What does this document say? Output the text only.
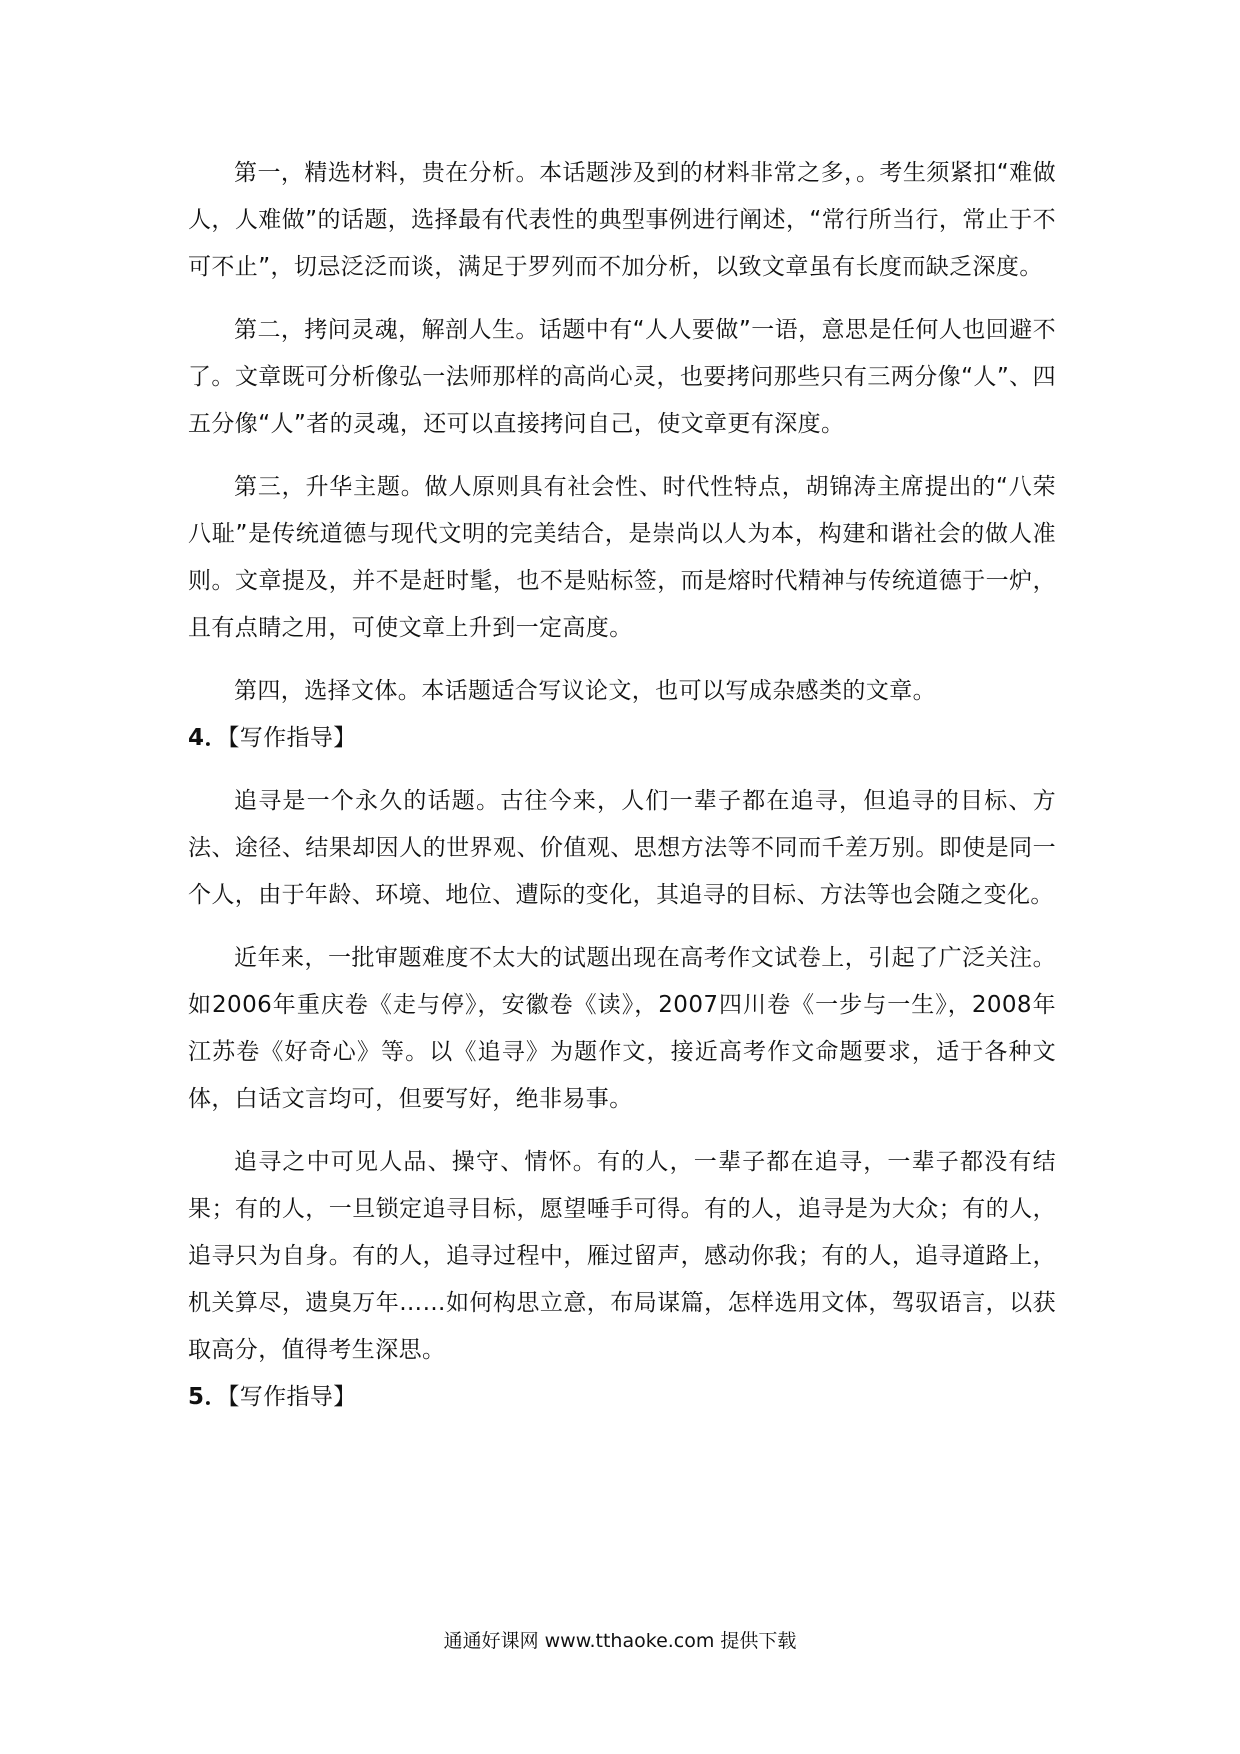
第一，精选材料，贵在分析。本话题涉及到的材料非常之多，。考生须紧扣“难做人，人难做”的话题，选择最有代表性的典型事例进行阐述，“常行所当行，常止于不可不止”，切忌泛泛而谈，满足于罗列而不加分析，以致文章虽有长度而缺乏深度。

第二，拷问灵魂，解剖人生。话题中有“人人要做”一语，意思是任何人也回避不了。文章既可分析像弘一法师那样的高尚心灵，也要拷问那些只有三两分像“人”、四五分像“人”者的灵魂，还可以直接拷问自己，使文章更有深度。

第三，升华主题。做人原则具有社会性、时代性特点，胡锦涛主席提出的“八荣八耻”是传统道德与现代文明的完美结合，是崇尚以人为本，构建和谐社会的做人准则。文章提及，并不是赶时髦，也不是贴标签，而是熔时代精神与传统道德于一炉，且有点睛之用，可使文章上升到一定高度。

第四，选择文体。本话题适合写议论文，也可以写成杂感类的文章。

4．【写作指导】

追寻是一个永久的话题。古往今来，人们一辈子都在追寻，但追寻的目标、方法、途径、结果却因人的世界观、价值观、思想方法等不同而千差万别。即使是同一个人，由于年龄、环境、地位、遭际的变化，其追寻的目标、方法等也会随之变化。

近年来，一批审题难度不太大的试题出现在高考作文试卷上，引起了广泛关注。如2006年重庆卷《走与停》，安徽卷《读》，2007四川卷《一步与一生》，2008年江苏卷《好奇心》等。以《追寻》为题作文，接近高考作文命题要求，适于各种文体，白话文言均可，但要写好，绝非易事。

追寻之中可见人品、操守、情怀。有的人，一辈子都在追寻，一辈子都没有结果；有的人，一旦锁定追寻目标，愿望唾手可得。有的人，追寻是为大众；有的人，追寻只为自身。有的人，追寻过程中，雁过留声，感动你我；有的人，追寻道路上，机关算尽，遗臭万年……如何构思立意，布局谋篇，怎样选用文体，驾驭语言，以获取高分，值得考生深思。

5．【写作指导】

通通好课网 www.tthaoke.com 提供下载
